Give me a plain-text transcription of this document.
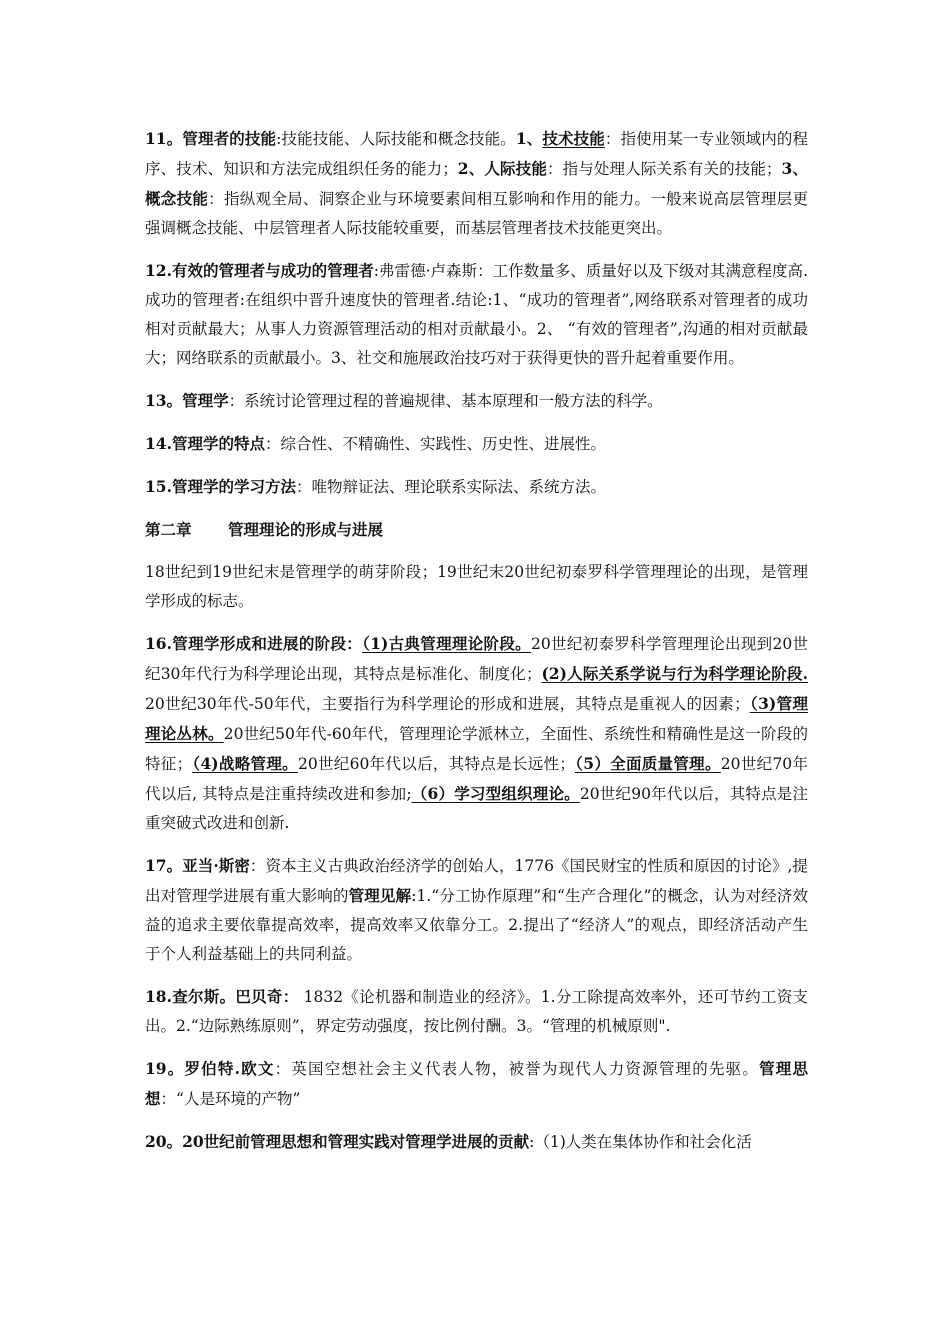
11。管理者的技能:技能技能、人际技能和概念技能。1、技术技能：指使用某一专业领域内的程序、技术、知识和方法完成组织任务的能力；2、人际技能：指与处理人际关系有关的技能；3、概念技能：指纵观全局、洞察企业与环境要素间相互影响和作用的能力。一般来说高层管理层更强调概念技能、中层管理者人际技能较重要，而基层管理者技术技能更突出。

12.有效的管理者与成功的管理者:弗雷德·卢森斯：工作数量多、质量好以及下级对其满意程度高.成功的管理者:在组织中晋升速度快的管理者.结论:1、“成功的管理者”,网络联系对管理者的成功相对贡献最大；从事人力资源管理活动的相对贡献最小。2、 “有效的管理者”,沟通的相对贡献最大；网络联系的贡献最小。3、社交和施展政治技巧对于获得更快的晋升起着重要作用。

13。管理学：系统讨论管理过程的普遍规律、基本原理和一般方法的科学。

14.管理学的特点：综合性、不精确性、实践性、历史性、进展性。

15.管理学的学习方法：唯物辩证法、理论联系实际法、系统方法。

第二章 管理理论的形成与进展

18世纪到19世纪末是管理学的萌芽阶段；19世纪末20世纪初泰罗科学管理理论的出现，是管理学形成的标志。

16.管理学形成和进展的阶段：（1)古典管理理论阶段。20世纪初泰罗科学管理理论出现到20世纪30年代行为科学理论出现，其特点是标准化、制度化；(2)人际关系学说与行为科学理论阶段.20世纪30年代-50年代，主要指行为科学理论的形成和进展，其特点是重视人的因素；（3)管理理论丛林。20世纪50年代-60年代，管理理论学派林立，全面性、系统性和精确性是这一阶段的特征；（4)战略管理。20世纪60年代以后，其特点是长远性；（5）全面质量管理。20世纪70年代以后, 其特点是注重持续改进和参加;（6）学习型组织理论。20世纪90年代以后，其特点是注重突破式改进和创新.

17。亚当·斯密：资本主义古典政治经济学的创始人，1776《国民财宝的性质和原因的讨论》,提出对管理学进展有重大影响的管理见解:1.“分工协作原理”和“生产合理化”的概念，认为对经济效益的追求主要依靠提高效率，提高效率又依靠分工。2.提出了“经济人”的观点，即经济活动产生于个人利益基础上的共同利益。

18.查尔斯。巴贝奇： 1832《论机器和制造业的经济》。1.分工除提高效率外，还可节约工资支出。2.“边际熟练原则”，界定劳动强度，按比例付酬。3。“管理的机械原则".

19。罗伯特.欧文：英国空想社会主义代表人物，被誉为现代人力资源管理的先驱。管理思想：“人是环境的产物”

20。20世纪前管理思想和管理实践对管理学进展的贡献:（1)人类在集体协作和社会化活
